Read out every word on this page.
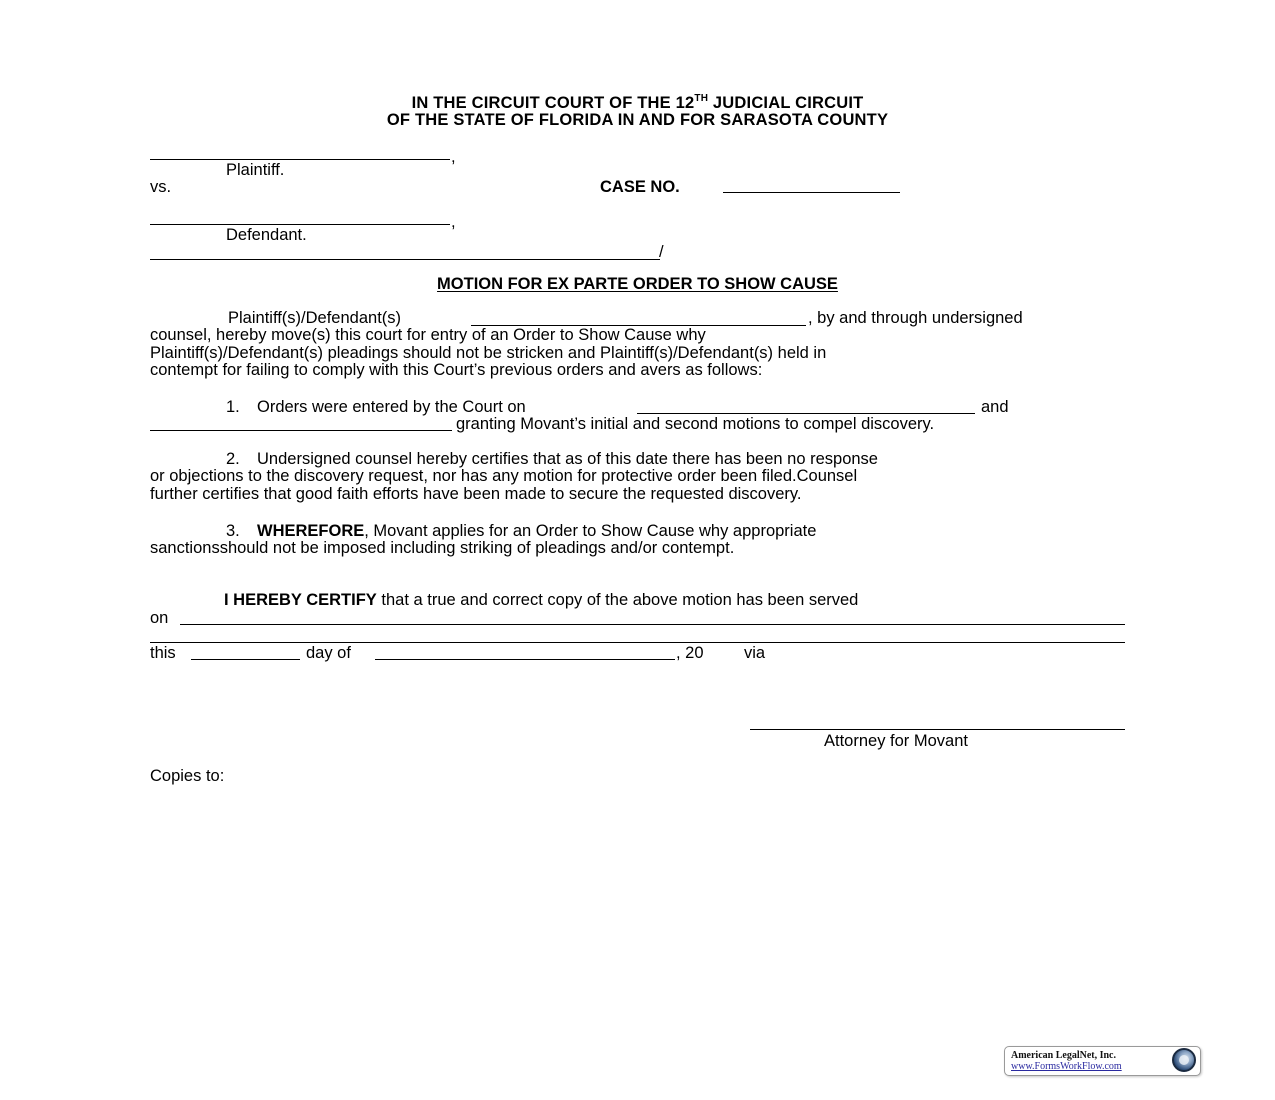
IN THE CIRCUIT COURT OF THE 12TH JUDICIAL CIRCUIT
OF THE STATE OF FLORIDA IN AND FOR SARASOTA COUNTY
,
Plaintiff.
vs.	CASE NO.
,
Defendant.
/
MOTION FOR EX PARTE ORDER TO SHOW CAUSE
Plaintiff(s)/Defendant(s)	, by and through undersigned
counsel, hereby move(s) this court for entry of an Order to Show Cause why
Plaintiff(s)/Defendant(s) pleadings should not be stricken and Plaintiff(s)/Defendant(s) held in
contempt for failing to comply with this Court’s previous orders and avers as follows:
1. Orders were entered by the Court on	and
granting Movant’s initial and second motions to compel discovery.
2. Undersigned counsel hereby certifies that as of this date there has been no response
or objections to the discovery request, nor has any motion for protective order been filed.Counsel
further certifies that good faith efforts have been made to secure the requested discovery.
3. WHEREFORE, Movant applies for an Order to Show Cause why appropriate
sanctionsshould not be imposed including striking of pleadings and/or contempt.
I HEREBY CERTIFY that a true and correct copy of the above motion has been served
on
this	day of	, 20 via
Attorney for Movant
Copies to:
American LegalNet, Inc.
www.FormsWorkFlow.com
